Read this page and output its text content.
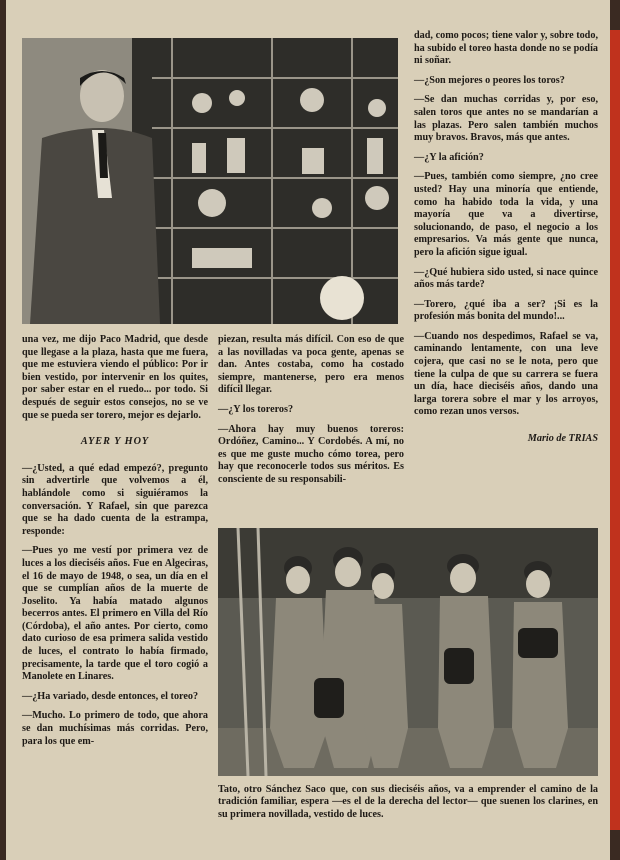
una vez, me dijo Paco Madrid, que desde que llegase a la plaza, hasta que me fuera, que me estuviera viendo el público: Por ir bien vestido, por intervenir en los quites, por saber estar en el ruedo... por todo. Si después de seguir estos consejos, no se ve que se pueda ser torero, mejor es dejarlo.

AYER Y HOY

—¿Usted, a qué edad empezó?, pregunto sin advertirle que volvemos a él, hablándole como si siguiéramos la conversación. Y Rafael, sin que parezca que se ha dado cuenta de la estrampa, responde:

—Pues yo me vestí por primera vez de luces a los dieciséis años. Fue en Algeciras, el 16 de mayo de 1948, o sea, un día en el que se cumplían años de la muerte de Joselito. Ya había matado algunos becerros antes. El primero en Villa del Río (Córdoba), el año antes. Por cierto, como dato curioso de esa primera salida vestido de luces, el contrato lo había firmado, precisamente, la tarde que el toro cogió a Manolete en Linares.

—¿Ha variado, desde entonces, el toreo?

—Mucho. Lo primero de todo, que ahora se dan muchísimas más corridas. Pero, para los que em-

piezan, resulta más difícil. Con eso de que a las novilladas va poca gente, apenas se dan. Antes costaba, como ha costado siempre, mantenerse, pero era menos difícil llegar.

—¿Y los toreros?

—Ahora hay muy buenos toreros: Ordóñez, Camino... Y Cordobés. A mí, no es que me guste mucho cómo torea, pero hay que reconocerle todos sus méritos. Es consciente de su responsabili-

dad, como pocos; tiene valor y, sobre todo, ha subido el toreo hasta donde no se podía ni soñar.

—¿Son mejores o peores los toros?

—Se dan muchas corridas y, por eso, salen toros que antes no se mandarían a las plazas. Pero salen también muchos muy bravos. Bravos, más que antes.

—¿Y la afición?

—Pues, también como siempre, ¿no cree usted? Hay una minoría que entiende, como ha habido toda la vida, y una mayoría que va a divertirse, solucionando, de paso, el negocio a los empresarios. Va más gente que nunca, pero la afición sigue igual.

—¿Qué hubiera sido usted, si nace quince años más tarde?

—Torero, ¿qué iba a ser? ¡Si es la profesión más bonita del mundo!...

—Cuando nos despedimos, Rafael se va, caminando lentamente, con una leve cojera, que casi no se le nota, pero que tiene la culpa de que su carrera se fuera un día, hace dieciséis años, dando una larga torera sobre el mar y los arroyos, como rezan unos versos.

Mario de TRIAS

Tato, otro Sánchez Saco que, con sus dieciséis años, va a emprender el camino de la tradición familiar, espera —es el de la derecha del lector— que suenen los clarines, en su primera novillada, vestido de luces.
